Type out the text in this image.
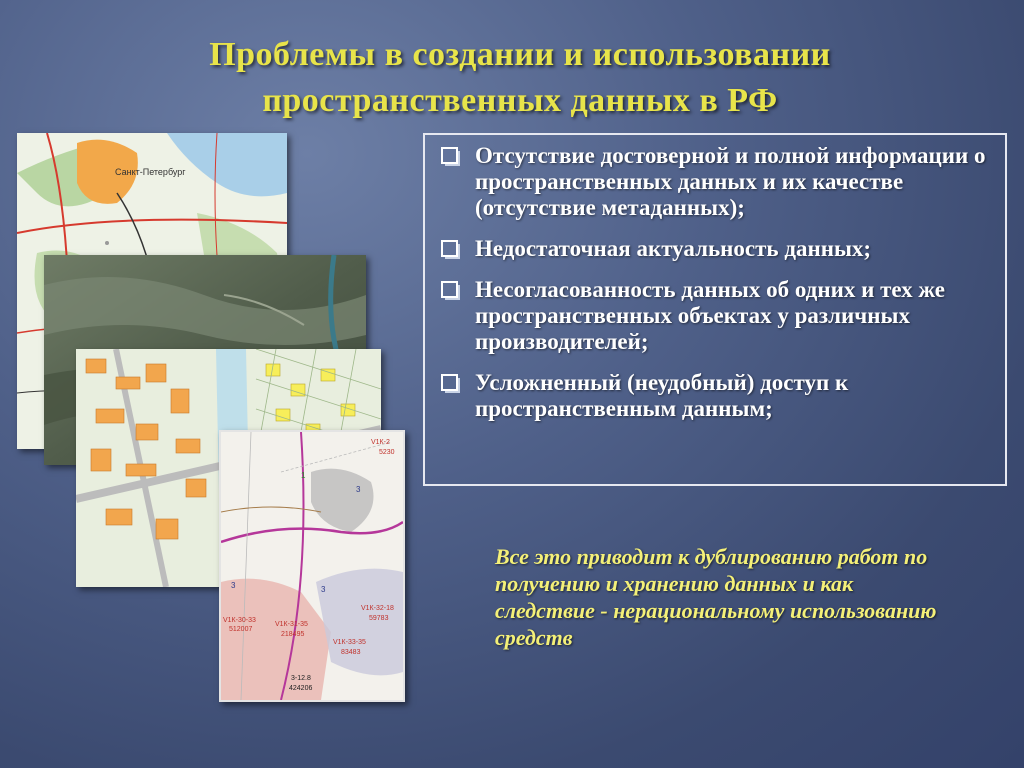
Проблемы в создании и использовании
пространственных данных в РФ
Санкт-Петербург
V1К-2
5230
V1К-30-33
512007
V1К-31-35
218495
V1К-32-18
59783
V1К-33-35
83483
3-12.8
424206
3	3
3
1
Отсутствие достоверной и полной информации о пространственных данных и их качестве (отсутствие метаданных);
Недостаточная актуальность данных;
Несогласованность данных об одних и тех же пространственных объектах у различных производителей;
Усложненный (неудобный) доступ к пространственным данным;
Все это приводит к дублированию работ по получению и хранению данных и как следствие - нерациональному использованию средств
